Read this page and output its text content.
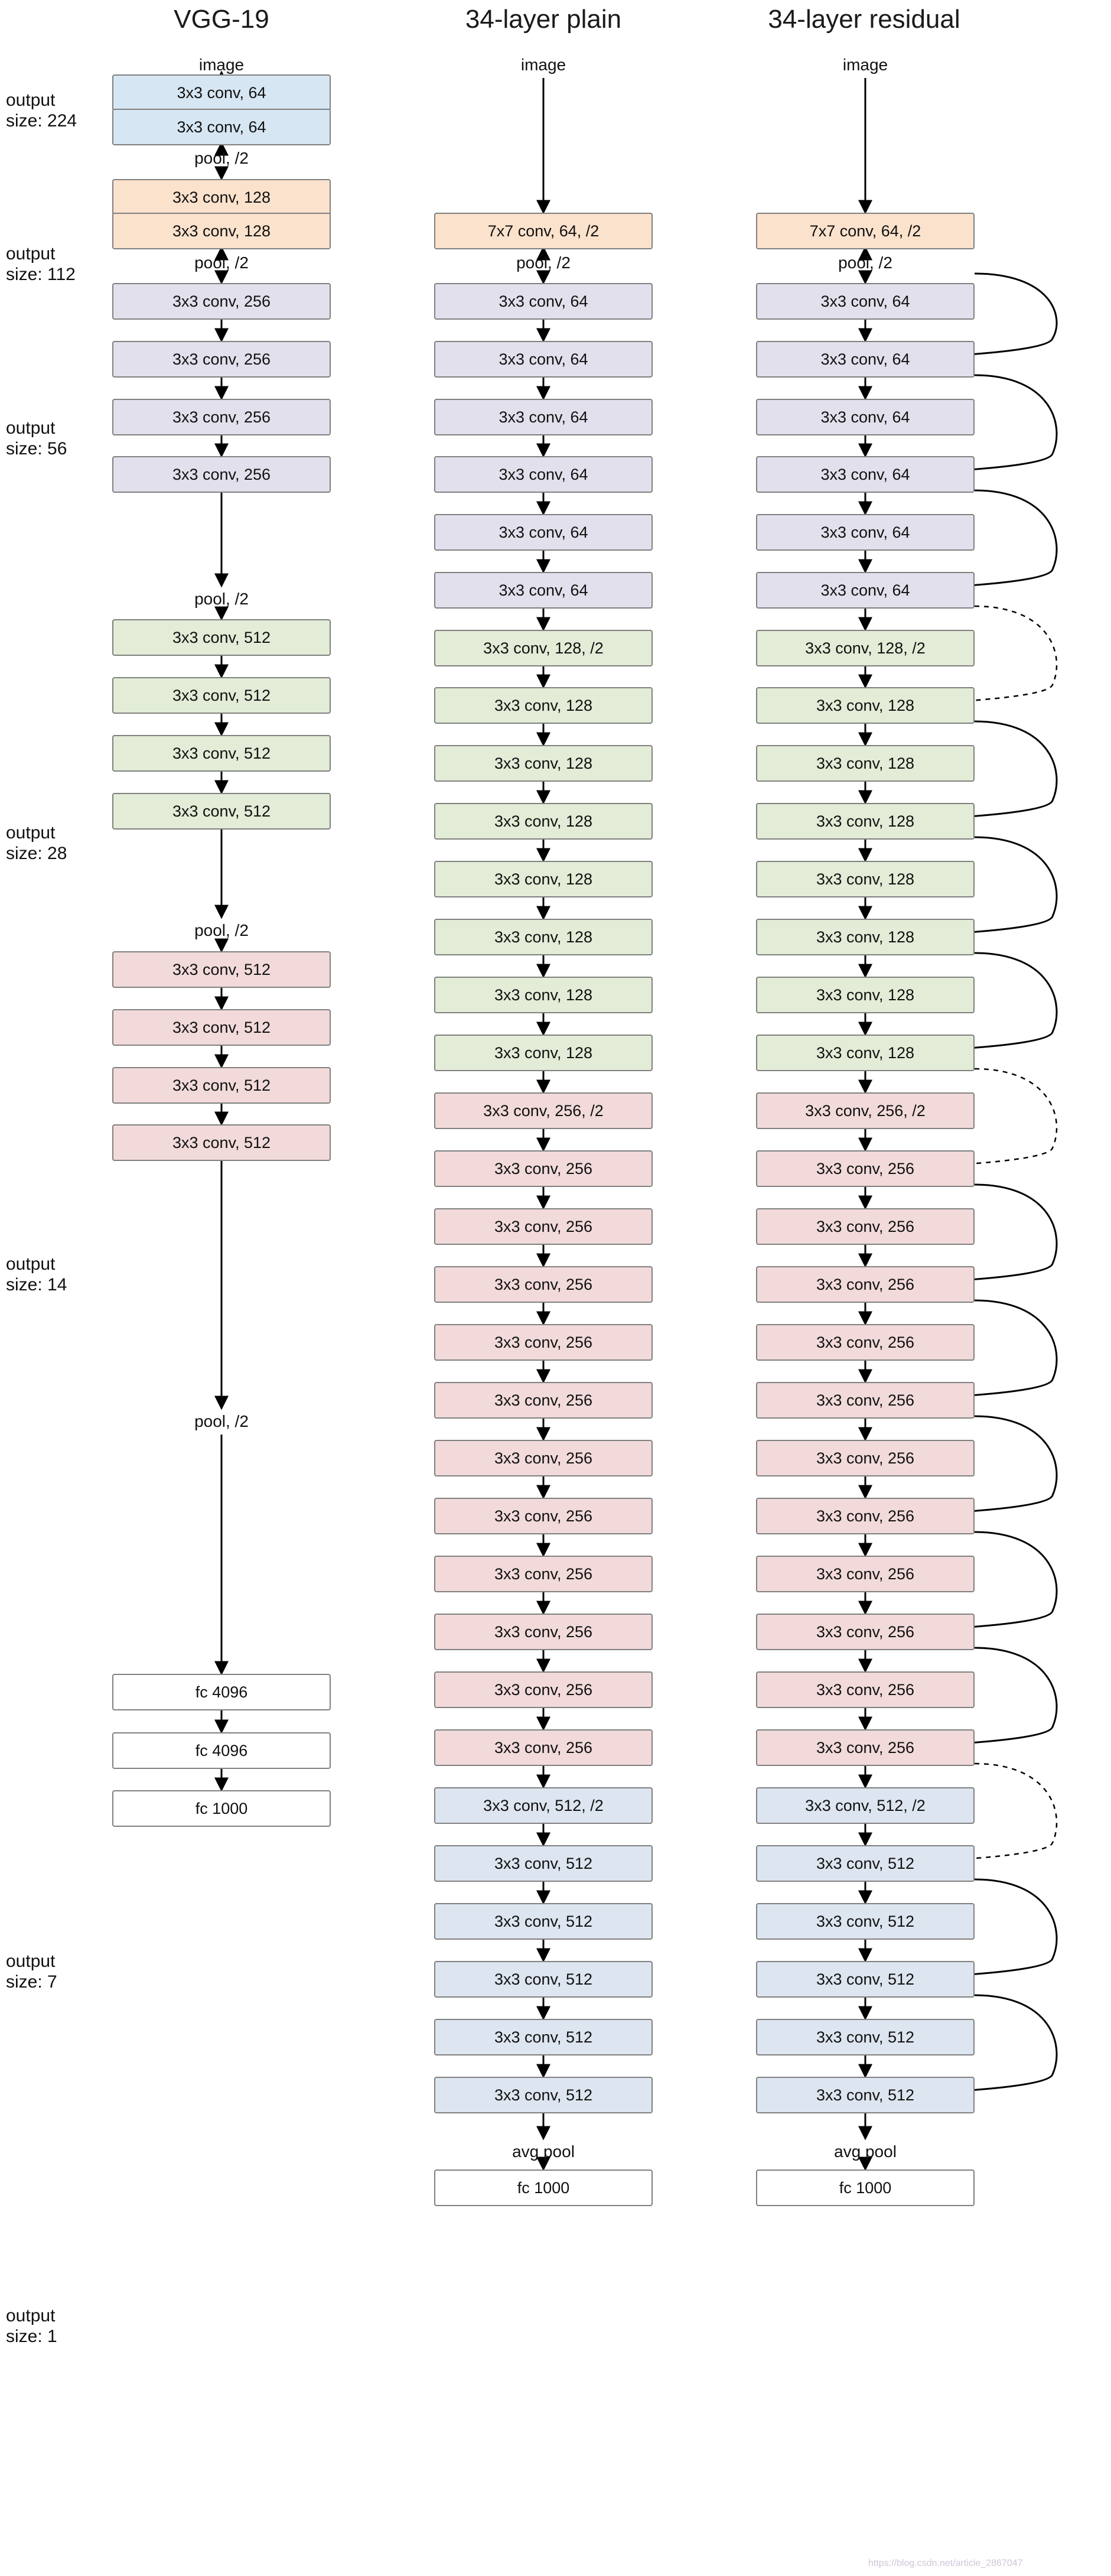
VGG-19	34-layer plain	34-layer residual
output
size: 224
output
size: 112
output
size: 56
output
size: 28
output
size: 14
output
size: 7
output
size: 1
image
3x3 conv, 64
3x3 conv, 64
pool, /2
3x3 conv, 128
3x3 conv, 128
pool, /2
3x3 conv, 256
3x3 conv, 256
3x3 conv, 256
3x3 conv, 256
pool, /2
3x3 conv, 512
3x3 conv, 512
3x3 conv, 512
3x3 conv, 512
pool, /2
3x3 conv, 512
3x3 conv, 512
3x3 conv, 512
3x3 conv, 512
pool, /2
fc 4096
fc 4096
fc 1000
image
7x7 conv, 64, /2
pool, /2
3x3 conv, 64
3x3 conv, 64
3x3 conv, 64
3x3 conv, 64
3x3 conv, 64
3x3 conv, 64
3x3 conv, 128, /2
3x3 conv, 128
3x3 conv, 128
3x3 conv, 128
3x3 conv, 128
3x3 conv, 128
3x3 conv, 128
3x3 conv, 128
3x3 conv, 256, /2
3x3 conv, 256
3x3 conv, 256
3x3 conv, 256
3x3 conv, 256
3x3 conv, 256
3x3 conv, 256
3x3 conv, 256
3x3 conv, 256
3x3 conv, 256
3x3 conv, 256
3x3 conv, 256
3x3 conv, 512, /2
3x3 conv, 512
3x3 conv, 512
3x3 conv, 512
3x3 conv, 512
3x3 conv, 512
avg pool
fc 1000
image
7x7 conv, 64, /2
pool, /2
3x3 conv, 64
3x3 conv, 64
3x3 conv, 64
3x3 conv, 64
3x3 conv, 64
3x3 conv, 64
3x3 conv, 128, /2
3x3 conv, 128
3x3 conv, 128
3x3 conv, 128
3x3 conv, 128
3x3 conv, 128
3x3 conv, 128
3x3 conv, 128
3x3 conv, 256, /2
3x3 conv, 256
3x3 conv, 256
3x3 conv, 256
3x3 conv, 256
3x3 conv, 256
3x3 conv, 256
3x3 conv, 256
3x3 conv, 256
3x3 conv, 256
3x3 conv, 256
3x3 conv, 256
3x3 conv, 512, /2
3x3 conv, 512
3x3 conv, 512
3x3 conv, 512
3x3 conv, 512
3x3 conv, 512
avg pool
fc 1000
https://blog.csdn.net/article_2867047
